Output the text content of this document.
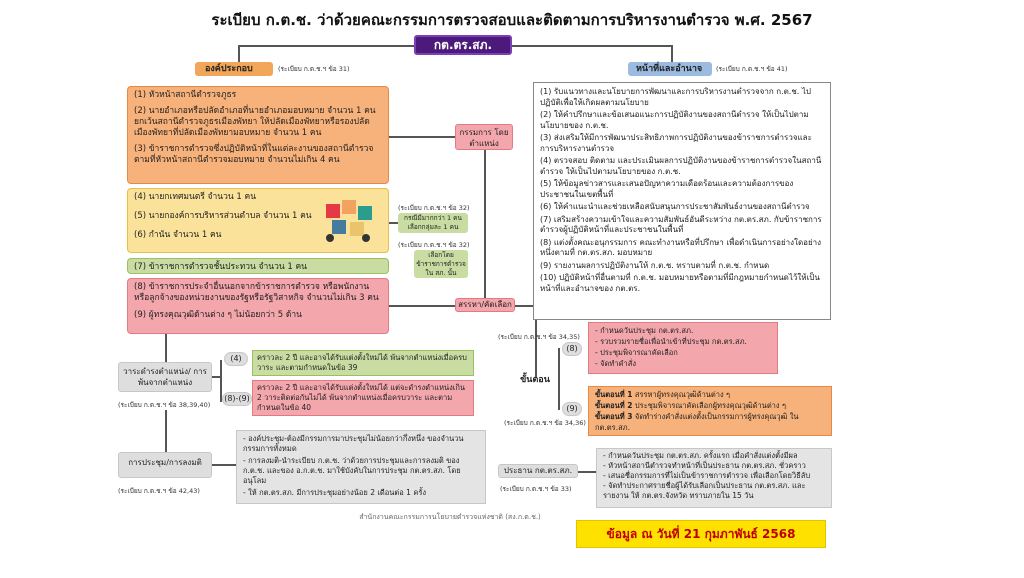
ระเบียบ ก.ต.ช. ว่าด้วยคณะกรรมการตรวจสอบและติดตามการบริหารงานตำรวจ พ.ศ. 2567
กต.ตร.สภ.
องค์ประกอบ	(ระเบียบ ก.ต.ช.ฯ ข้อ 31)	หน้าที่และอำนาจ	(ระเบียบ ก.ต.ช.ฯ ข้อ 41)
(1) หัวหน้าสถานีตำรวจภูธร
(2) นายอำเภอหรือปลัดอำเภอที่นายอำเภอมอบหมาย จำนวน 1 คน ยกเว้นสถานีตำรวจภูธรเมืองพัทยา ให้ปลัดเมืองพัทยาหรือรองปลัดเมืองพัทยาที่ปลัดเมืองพัทยามอบหมาย จำนวน 1 คน
(3) ข้าราชการตำรวจซึ่งปฏิบัติหน้าที่ในแต่ละงานของสถานีตำรวจ ตามที่หัวหน้าสถานีตำรวจมอบหมาย จำนวนไม่เกิน 4 คน
(4) นายกเทศมนตรี จำนวน 1 คน
(5) นายกองค์การบริหารส่วนตำบล จำนวน 1 คน
(6) กำนัน จำนวน 1 คน
(7) ข้าราชการตำรวจชั้นประทวน จำนวน 1 คน
(8) ข้าราชการประจำอื่นนอกจากข้าราชการตำรวจ หรือพนักงาน หรือลูกจ้างของหน่วยงานของรัฐหรือรัฐวิสาหกิจ จำนวนไม่เกิน 3 คน
(9) ผู้ทรงคุณวุฒิด้านต่าง ๆ ไม่น้อยกว่า 5 ด้าน
กรรมการ โดยตำแหน่ง
(ระเบียบ ก.ต.ช.ฯ ข้อ 32)
กรณีมีมากกว่า 1 คน เลือกกลุ่มละ 1 คน
(ระเบียบ ก.ต.ช.ฯ ข้อ 32)
เลือกโดย ข้าราชการตำรวจ ใน สภ. นั้น
สรรหา/คัดเลือก
(1) รับแนวทางและนโยบายการพัฒนาและการบริหารงานตำรวจจาก ก.ต.ช. ไปปฏิบัติเพื่อให้เกิดผลตามนโยบาย
(2) ให้คำปรึกษาและข้อเสนอแนะการปฏิบัติงานของสถานีตำรวจ ให้เป็นไปตามนโยบายของ ก.ต.ช.
(3) ส่งเสริมให้มีการพัฒนาประสิทธิภาพการปฏิบัติงานของข้าราชการตำรวจและการบริหารงานตำรวจ
(4) ตรวจสอบ ติดตาม และประเมินผลการปฏิบัติงานของข้าราชการตำรวจในสถานีตำรวจ ให้เป็นไปตามนโยบายของ ก.ต.ช.
(5) ให้ข้อมูลข่าวสารและเสนอปัญหาความเดือดร้อนและความต้องการของประชาชนในเขตพื้นที่
(6) ให้คำแนะนำและช่วยเหลือสนับสนุนการประชาสัมพันธ์งานของสถานีตำรวจ
(7) เสริมสร้างความเข้าใจและความสัมพันธ์อันดีระหว่าง กต.ตร.สภ. กับข้าราชการตำรวจผู้ปฏิบัติหน้าที่และประชาชนในพื้นที่
(8) แต่งตั้งคณะอนุกรรมการ คณะทำงานหรือที่ปรึกษา เพื่อดำเนินการอย่างใดอย่างหนึ่งตามที่ กต.ตร.สภ. มอบหมาย
(9) รายงานผลการปฏิบัติงานให้ ก.ต.ช. ทราบตามที่ ก.ต.ช. กำหนด
(10) ปฏิบัติหน้าที่อื่นตามที่ ก.ต.ช. มอบหมายหรือตามที่มีกฎหมายกำหนดไว้ให้เป็นหน้าที่และอำนาจของ กต.ตร.
วาระดำรงตำแหน่ง/ การพ้นจากตำแหน่ง
(ระเบียบ ก.ต.ช.ฯ ข้อ 38,39,40)
(4)	คราวละ 2 ปี และอาจได้รับแต่งตั้งใหม่ได้ พ้นจากตำแหน่งเมื่อครบวาระ และตามกำหนดในข้อ 39
(8)-(9)
คราวละ 2 ปี และอาจได้รับแต่งตั้งใหม่ได้ แต่จะดำรงตำแหน่งเกิน 2 วาระติดต่อกันไม่ได้ พ้นจากตำแหน่งเมื่อครบวาระ และตามกำหนดในข้อ 40
การประชุม/การลงมติ
(ระเบียบ ก.ต.ช.ฯ ข้อ 42,43)
- องค์ประชุม-ต้องมีกรรมการมาประชุมไม่น้อยกว่ากึ่งหนึ่ง ของจำนวนกรรมการทั้งหมด
- การลงมติ-นำระเบียบ ก.ต.ช. ว่าด้วยการประชุมและการลงมติ ของ ก.ต.ช. และของ อ.ก.ต.ช. มาใช้บังคับในการประชุม กต.ตร.สภ. โดยอนุโลม
- ให้ กต.ตร.สภ. มีการประชุมอย่างน้อย 2 เดือนต่อ 1 ครั้ง
ขั้นตอน
(ระเบียบ ก.ต.ช.ฯ ข้อ 34,35)
(8)
- กำหนดวันประชุม กต.ตร.สภ.
- รวบรวมรายชื่อเพื่อนำเข้าที่ประชุม กต.ตร.สภ.
- ประชุมพิจารณาคัดเลือก
- จัดทำคำสั่ง
(ระเบียบ ก.ต.ช.ฯ ข้อ 34,36)
(9)
ขั้นตอนที่ 1 สรรหาผู้ทรงคุณวุฒิด้านต่าง ๆ
ขั้นตอนที่ 2 ประชุมพิจารณาคัดเลือกผู้ทรงคุณวุฒิด้านต่าง ๆ
ขั้นตอนที่ 3 จัดทำร่างคำสั่งแต่งตั้งเป็นกรรมการผู้ทรงคุณวุฒิ ใน กต.ตร.สภ.
ประธาน กต.ตร.สภ.
(ระเบียบ ก.ต.ช.ฯ ข้อ 33)
- กำหนดวันประชุม กต.ตร.สภ. ครั้งแรก เมื่อคำสั่งแต่งตั้งมีผล
- หัวหน้าสถานีตำรวจทำหน้าที่เป็นประธาน กต.ตร.สภ. ชั่วคราว
- เสนอชื่อกรรมการที่ไม่เป็นข้าราชการตำรวจ เพื่อเลือกโดยวิธีลับ
- จัดทำประกาศรายชื่อผู้ได้รับเลือกเป็นประธาน กต.ตร.สภ. และรายงาน ให้ กต.ตร.จังหวัด ทราบภายใน 15 วัน
สำนักงานคณะกรรมการนโยบายตำรวจแห่งชาติ (สง.ก.ต.ช.)
ข้อมูล ณ วันที่ 21 กุมภาพันธ์ 2568
